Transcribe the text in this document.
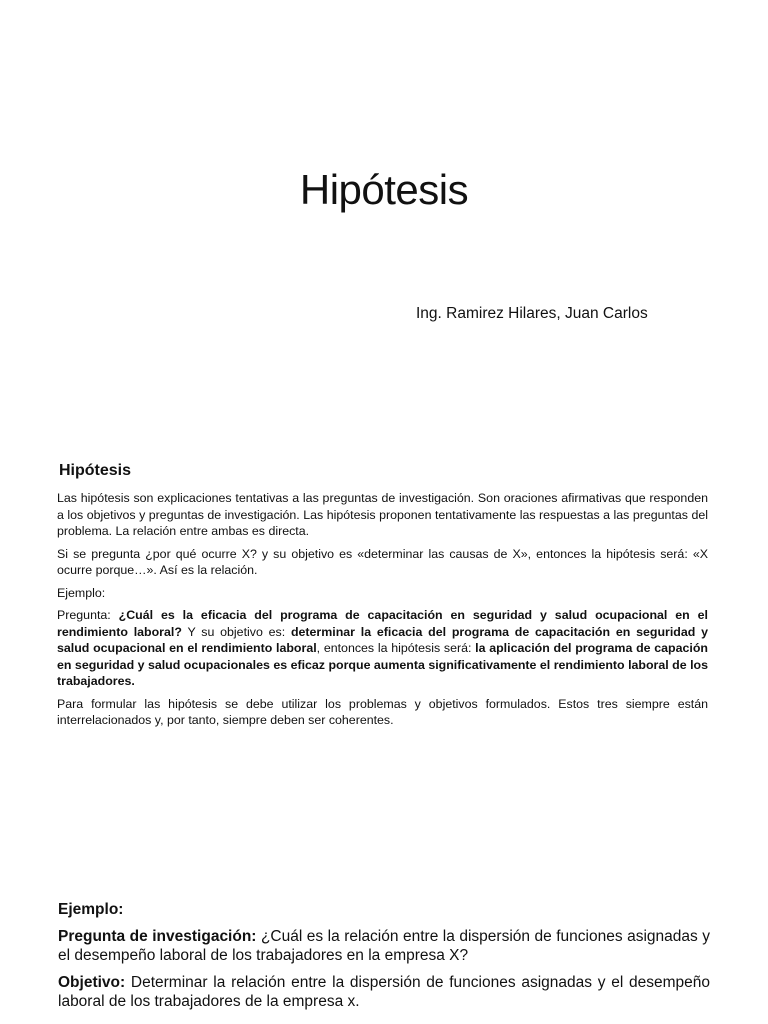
Hipótesis

Ing. Ramirez Hilares, Juan Carlos

Hipótesis

Las hipótesis son explicaciones tentativas a las preguntas de investigación. Son oraciones afirmativas que responden a los objetivos y preguntas de investigación. Las hipótesis proponen tentativamente las respuestas a las preguntas del problema. La relación entre ambas es directa.

Si se pregunta ¿por qué ocurre X? y su objetivo es «determinar las causas de X», entonces la hipótesis será: «X ocurre porque…». Así es la relación.

Ejemplo:

Pregunta: ¿Cuál es la eficacia del programa de capacitación en seguridad y salud ocupacional en el rendimiento laboral? Y su objetivo es: determinar la eficacia del programa de capacitación en seguridad y salud ocupacional en el rendimiento laboral, entonces la hipótesis será: la aplicación del programa de capación en seguridad y salud ocupacionales es eficaz porque aumenta significativamente el rendimiento laboral de los trabajadores.

Para formular las hipótesis se debe utilizar los problemas y objetivos formulados. Estos tres siempre están interrelacionados y, por tanto, siempre deben ser coherentes.

Ejemplo:

Pregunta de investigación: ¿Cuál es la relación entre la dispersión de funciones asignadas y el desempeño laboral de los trabajadores en la empresa X?

Objetivo: Determinar la relación entre la dispersión de funciones asignadas y el desempeño laboral de los trabajadores de la empresa x.
